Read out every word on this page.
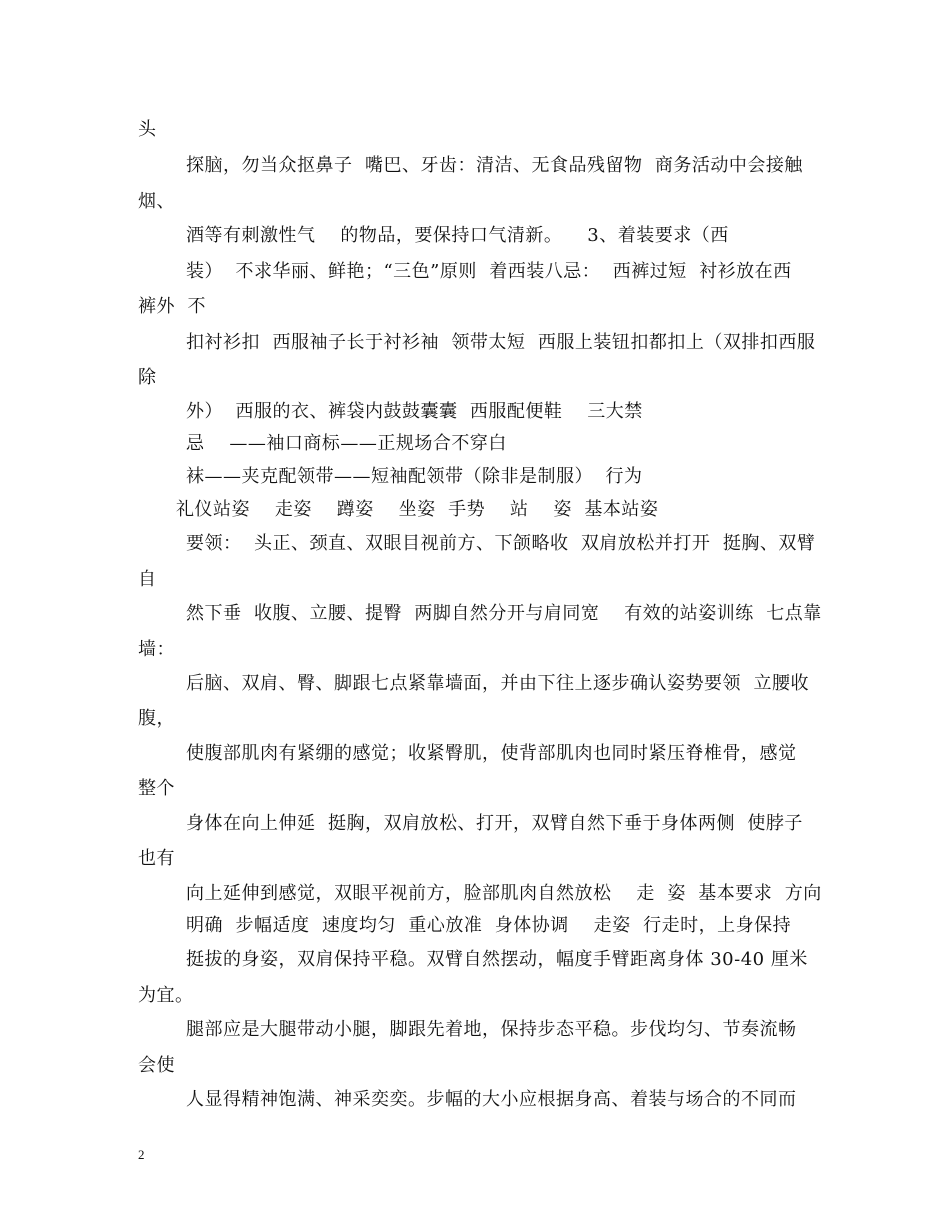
头
探脑，勿当众抠鼻子  嘴巴、牙齿：清洁、无食品残留物  商务活动中会接触
烟、
酒等有刺激性气    的物品，要保持口气清新。    3、着装要求（西
装）  不求华丽、鲜艳；“三色”原则  着西装八忌：  西裤过短  衬衫放在西
裤外  不
扣衬衫扣  西服袖子长于衬衫袖  领带太短  西服上装钮扣都扣上（双排扣西服
除
外）  西服的衣、裤袋内鼓鼓囊囊  西服配便鞋    三大禁
忌    ——袖口商标——正规场合不穿白
袜——夹克配领带——短袖配领带（除非是制服）  行为
礼仪站姿    走姿    蹲姿    坐姿  手势    站    姿  基本站姿
要领：  头正、颈直、双眼目视前方、下颌略收  双肩放松并打开  挺胸、双臂
自
然下垂  收腹、立腰、提臀  两脚自然分开与肩同宽    有效的站姿训练  七点靠
墙：
后脑、双肩、臀、脚跟七点紧靠墙面，并由下往上逐步确认姿势要领  立腰收
腹，
使腹部肌肉有紧绷的感觉；收紧臀肌，使背部肌肉也同时紧压脊椎骨，感觉
整个
身体在向上伸延  挺胸，双肩放松、打开，双臂自然下垂于身体两侧  使脖子
也有
向上延伸到感觉，双眼平视前方，脸部肌肉自然放松    走  姿  基本要求  方向
明确  步幅适度  速度均匀  重心放准  身体协调    走姿  行走时，上身保持
挺拔的身姿，双肩保持平稳。双臂自然摆动，幅度手臂距离身体 30-40 厘米
为宜。
腿部应是大腿带动小腿，脚跟先着地，保持步态平稳。步伐均匀、节奏流畅
会使
人显得精神饱满、神采奕奕。步幅的大小应根据身高、着装与场合的不同而
2
